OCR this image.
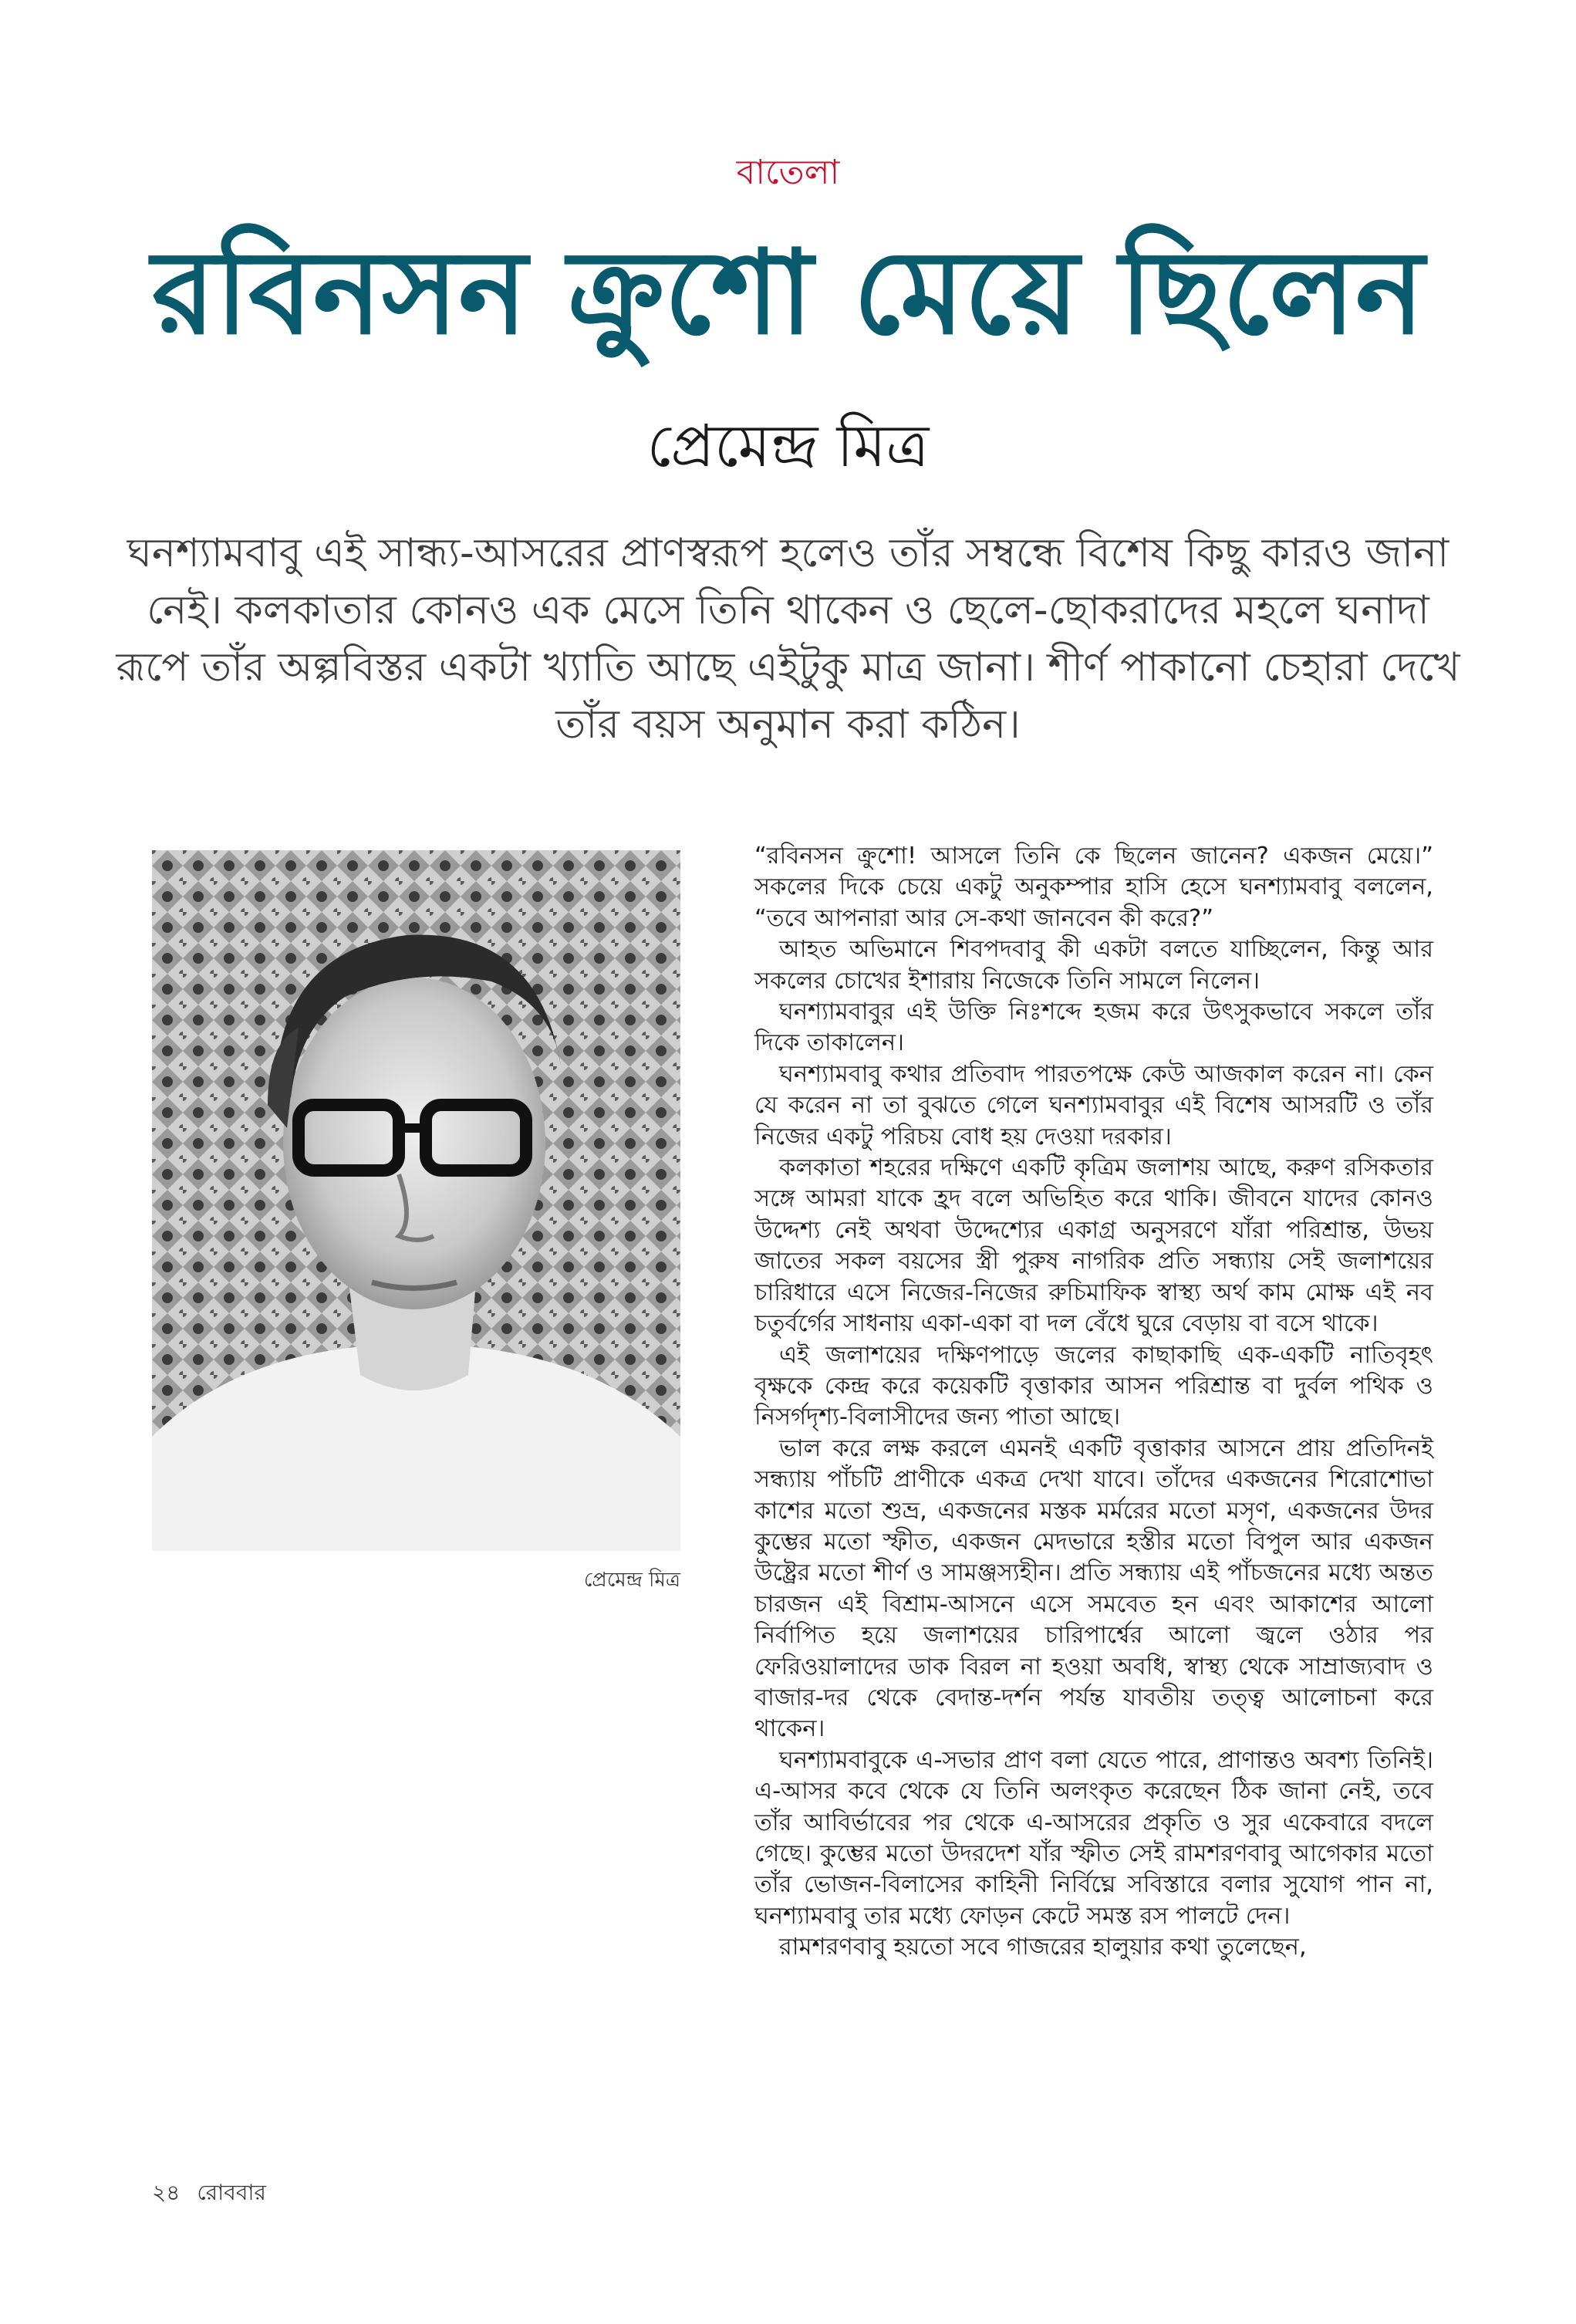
বাতেলা
রবিনসন ক্রুশো মেয়ে ছিলেন
প্রেমেন্দ্র মিত্র
ঘনশ্যামবাবু এই সান্ধ্য-আসরের প্রাণস্বরূপ হলেও তাঁর সম্বন্ধে বিশেষ কিছু কারও জানা নেই। কলকাতার কোনও এক মেসে তিনি থাকেন ও ছেলে-ছোকরাদের মহলে ঘনাদা রূপে তাঁর অল্পবিস্তর একটা খ্যাতি আছে এইটুকু মাত্র জানা। শীর্ণ পাকানো চেহারা দেখে তাঁর বয়স অনুমান করা কঠিন।
প্রেমেন্দ্র মিত্র

“রবিনসন ক্রুশো! আসলে তিনি কে ছিলেন জানেন? একজন মেয়ে।” সকলের দিকে চেয়ে একটু অনুকম্পার হাসি হেসে ঘনশ্যামবাবু বললেন, “তবে আপনারা আর সে-কথা জানবেন কী করে?”

আহত অভিমানে শিবপদবাবু কী একটা বলতে যাচ্ছিলেন, কিন্তু আর সকলের চোখের ইশারায় নিজেকে তিনি সামলে নিলেন।

ঘনশ্যামবাবুর এই উক্তি নিঃশব্দে হজম করে উৎসুকভাবে সকলে তাঁর দিকে তাকালেন।

ঘনশ্যামবাবু কথার প্রতিবাদ পারতপক্ষে কেউ আজকাল করেন না। কেন যে করেন না তা বুঝতে গেলে ঘনশ্যামবাবুর এই বিশেষ আসরটি ও তাঁর নিজের একটু পরিচয় বোধ হয় দেওয়া দরকার।

কলকাতা শহরের দক্ষিণে একটি কৃত্রিম জলাশয় আছে, করুণ রসিকতার সঙ্গে আমরা যাকে হ্রদ বলে অভিহিত করে থাকি। জীবনে যাদের কোনও উদ্দেশ্য নেই অথবা উদ্দেশ্যের একাগ্র অনুসরণে যাঁরা পরিশ্রান্ত, উভয় জাতের সকল বয়সের স্ত্রী পুরুষ নাগরিক প্রতি সন্ধ্যায় সেই জলাশয়ের চারিধারে এসে নিজের-নিজের রুচিমাফিক স্বাস্থ্য অর্থ কাম মোক্ষ এই নব চতুর্বর্গের সাধনায় একা-একা বা দল বেঁধে ঘুরে বেড়ায় বা বসে থাকে।

এই জলাশয়ের দক্ষিণপাড়ে জলের কাছাকাছি এক-একটি নাতিবৃহৎ বৃক্ষকে কেন্দ্র করে কয়েকটি বৃত্তাকার আসন পরিশ্রান্ত বা দুর্বল পথিক ও নিসর্গদৃশ্য-বিলাসীদের জন্য পাতা আছে।

ভাল করে লক্ষ করলে এমনই একটি বৃত্তাকার আসনে প্রায় প্রতিদিনই সন্ধ্যায় পাঁচটি প্রাণীকে একত্র দেখা যাবে। তাঁদের একজনের শিরোশোভা কাশের মতো শুভ্র, একজনের মস্তক মর্মরের মতো মসৃণ, একজনের উদর কুম্ভের মতো স্ফীত, একজন মেদভারে হস্তীর মতো বিপুল আর একজন উষ্ট্রের মতো শীর্ণ ও সামঞ্জস্যহীন। প্রতি সন্ধ্যায় এই পাঁচজনের মধ্যে অন্তত চারজন এই বিশ্রাম-আসনে এসে সমবেত হন এবং আকাশের আলো নির্বাপিত হয়ে জলাশয়ের চারিপার্শ্বের আলো জ্বলে ওঠার পর ফেরিওয়ালাদের ডাক বিরল না হওয়া অবধি, স্বাস্থ্য থেকে সাম্রাজ্যবাদ ও বাজার-দর থেকে বেদান্ত-দর্শন পর্যন্ত যাবতীয় তত্ত্ব আলোচনা করে থাকেন।

ঘনশ্যামবাবুকে এ-সভার প্রাণ বলা যেতে পারে, প্রাণান্তও অবশ্য তিনিই। এ-আসর কবে থেকে যে তিনি অলংকৃত করেছেন ঠিক জানা নেই, তবে তাঁর আবির্ভাবের পর থেকে এ-আসরের প্রকৃতি ও সুর একেবারে বদলে গেছে। কুম্ভের মতো উদরদেশ যাঁর স্ফীত সেই রামশরণবাবু আগেকার মতো তাঁর ভোজন-বিলাসের কাহিনী নির্বিঘ্নে সবিস্তারে বলার সুযোগ পান না, ঘনশ্যামবাবু তার মধ্যে ফোড়ন কেটে সমস্ত রস পালটে দেন।

রামশরণবাবু হয়তো সবে গাজরের হালুয়ার কথা তুলেছেন,

২৪ রোববার
